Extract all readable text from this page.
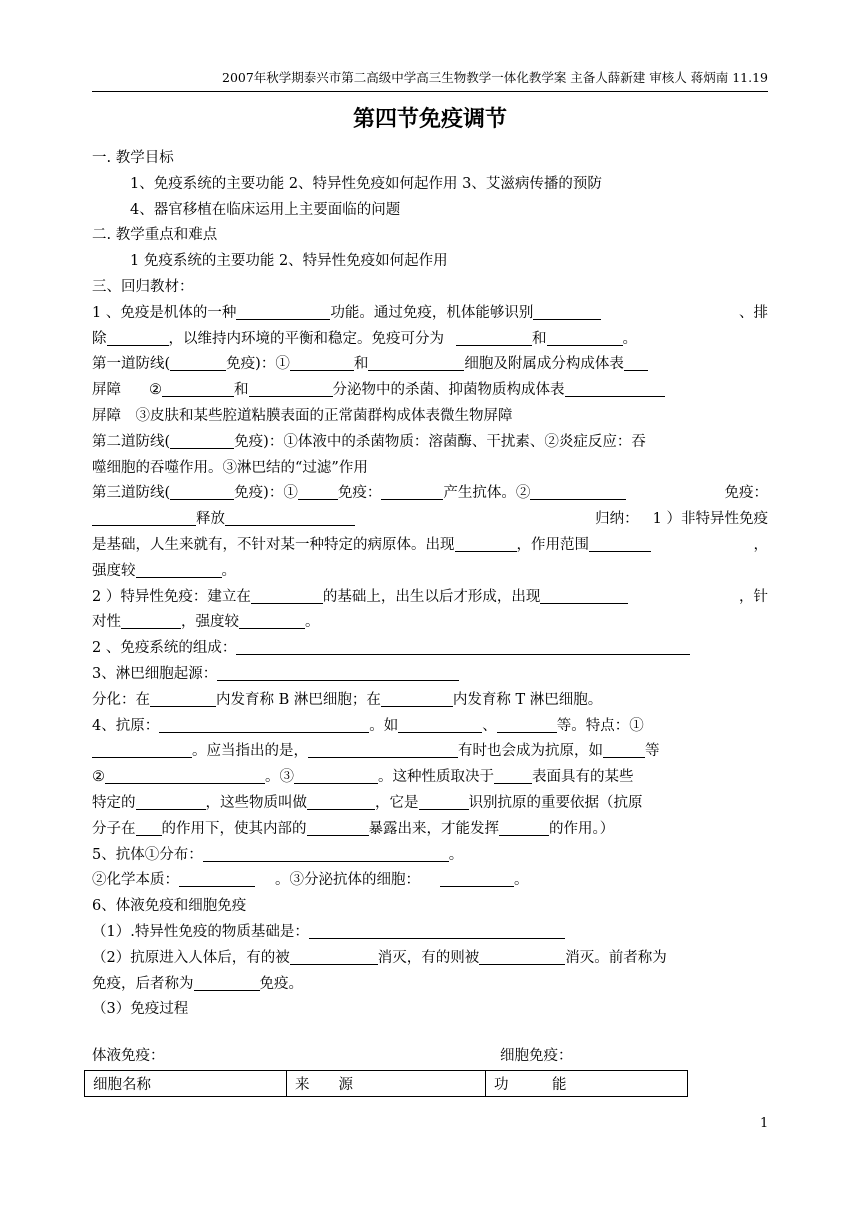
2007年秋学期泰兴市第二高级中学高三生物教学一体化教学案 主备人薛新建 审核人 蒋炳南 11.19
第四节免疫调节
一. 教学目标
1、免疫系统的主要功能 2、特异性免疫如何起作用 3、艾滋病传播的预防
4、器官移植在临床运用上主要面临的问题
二. 教学重点和难点
1 免疫系统的主要功能 2、特异性免疫如何起作用
三、回归教材：
1 、免疫是机体的一种	功能。通过免疫，机体能够识别	、排
除	，以维持内环境的平衡和稳定。免疫可分为	和	。
第一道防线(	免疫)：①	和	细胞及附属成分构成体表
屏障 ②	和	分泌物中的杀菌、抑菌物质构成体表
屏障　③皮肤和某些腔道粘膜表面的正常菌群构成体表微生物屏障
第二道防线(	免疫)：①体液中的杀菌物质：溶菌酶、干扰素、②炎症反应：吞
噬细胞的吞噬作用。③淋巴结的“过滤”作用
第三道防线(	免疫)：①	免疫：	产生抗体。②	免疫：
释放	归纳： 1 ）非特异性免疫
是基础，人生来就有，不针对某一种特定的病原体。出现	，作用范围	，
强度较	。
2 ）特异性免疫：建立在	的基础上，出生以后才形成，出现	，针
对性	，强度较	。
2 、免疫系统的组成：
3、淋巴细胞起源：
分化：在	内发育称 B 淋巴细胞；在	内发育称 T 淋巴细胞。
4、抗原：	。如	、	等。特点：①
。应当指出的是，	有时也会成为抗原，如	等
②	。③	。这种性质取决于	表面具有的某些
特定的	，这些物质叫做	，它是	识别抗原的重要依据（抗原
分子在 的作用下，使其内部的	暴露出来，才能发挥	的作用。）
5、抗体①分布：	。
②化学本质：	。③分泌抗体的细胞：	。
6、体液免疫和细胞免疫
（1）.特异性免疫的物质基础是：
（2）抗原进入人体后，有的被	消灭，有的则被	消灭。前者称为
免疫，后者称为	免疫。
（3）免疫过程
体液免疫：	细胞免疫：
细胞名称	来　　源	功　　　能
1
